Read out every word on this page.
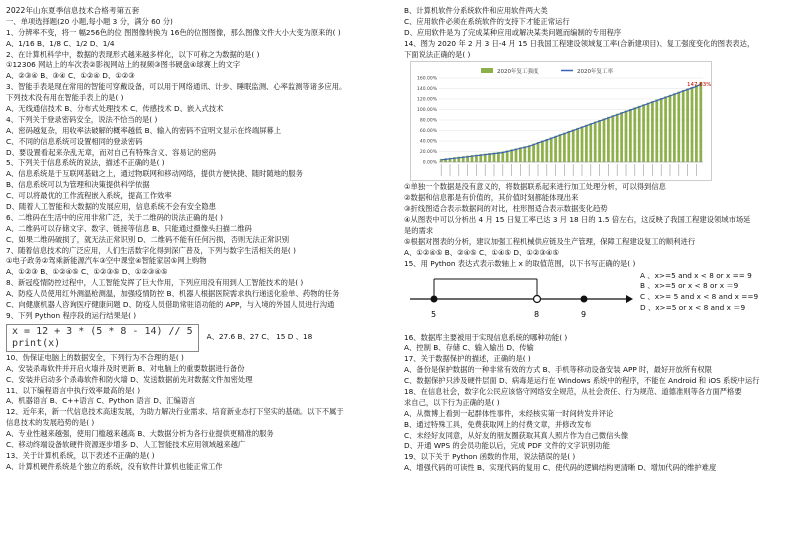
2022年山东夏季信息技术合格考第五套
一、单项选择题(20 小题,每小题 3 分，满分 60 分)
1、分辨率不变，将一 幅256色的位 图图像转换为 16色的位图图像，那么图像文件大小大变为原来的( )
A、1/16 B、1/8 C、1/2 D、1/4
2、在计算机科学中，数据的表现形式越来越多样化，以下可称之为数据的是( )
①12306 网站上的车次表②影视网站上的视频③图书硬盘④球赛上的文字
A、②③④ B、③④ C、①②④ D、①②③
3、智能手表是现在常用的智能可穿戴设备，可以用于网络通讯、计步、睡眠监测、心率监测等诸多应用。
下列技术没有用在智能手表上的是( )
A、无线通信技术 B、分布式处理技术 C、传感技术 D、嵌入式技术
4、下列关于登录密码安全，说法不恰当的是( )
A、密码越复杂，用收率法破解的概率越低 B、输入的密码不宜明文显示在终端屏幕上
C、不同的信息系统可设置相同的登录密码
D、要设置看起来杂乱无章，而对自己有特殊含义、容易记的密码
5、下列关于信息系统的说法，描述不正确的是( )
A、信息系统是于互联网基础之上，通过物联网和移动网络，提供方便快捷、随时随地的服务
B、信息系统可以为管理和决策提供科学依据
C、可以将最优的工作流程嵌入系统，提高工作效率
D、随着人工智能和大数据的发展应用，信息系统不会有安全隐患
6、二维码在生活中的应用非常广泛，关于二维码的说法正确的是( )
A、二维码可以存储文字、数字、链接等信息 B、只能通过摄像头扫描二维码
C、如果二维码破损了，就无法正常识别 D、二维码不能有任何污损，否则无法正常识别
7、随着信息技术的广泛应用，人们生活数字化得到深广普及，下列与数字生活相关的是( )
①电子政务②驾乘新能源汽车③空中课堂④智能家居⑤网上购物
A、①②③ B、①②④⑤ C、①②③⑤ D、①②③④⑤
8、新冠疫情防控过程中，人工智能发挥了巨大作用，下列应用没有用到人工智能技术的是( )
A、防疫人员使用红外测温枪测温，加强疫情防控 B、机器人根据医院需求执行递送化验单、药物的任务
C、向健康机器人咨询医疗健康问题 D、防疫人员借助常驻语功能的 APP，与入境的外国人员进行沟通
9、下列 Python 程序段的运行结果是( )
x = 12 + 3 * (5 * 8 - 14) // 5
print(x)
A、27.6 B、27 C、 15 D 、18
10、伪保证电脑上的数据安全，下列行为不合理的是( )
A、安装杀毒软件并开启火墙并及时更新 B、对电脑上的重要数据进行备份
C、安装并启动多个杀毒软件和防火墙 D、发送数据前先对数据文件加密处理
11、以下编程语言中执行效率最高的是( )
A、机器语言 B、C++语言 C、Python 语言 D、汇编语言
12、近年来，新一代信息技术高速发展，为助力解决行业需求、培育新业态打下坚实的基础。以下不属于
信息技术的发展趋势的是( )
A、专业性越来越强，使用门槛越来越高 B、大数据分析为各行业提供更精准的服务
C、移动终端设备软硬件资源逐步增多 D、人工智能技术应用领域越来越广
13、关于计算机系统，以下表述不正确的是( )
A、计算机硬件系统是个独立的系统，没有软件计算机也能正常工作
B、计算机软件分系统软件和应用软件两大类
C、应用软件必须在系统软件的支持下才能正常运行
D、应用软件是为了完成某种应用或解决某类问题而编制的专用程序
14、图为 2020 年 2 月 3 日-4 月 15 日我国工程建设领域复工率(合新建项目)、复工强度变化的图表表达，
下面说法正确的是( )
0.00%
20.00%
40.00%
60.00%
80.00%
100.00%
120.00%
140.00%
160.00%
2020年复工强度	2020年复工率
147.83%
①单独一个数据是没有意义的，将数据联系起来进行加工处理分析，可以得到信息
②数据和信息都是有价值的，其价值时刻都能体现出来
③折线图适合表示数据间的对比，柱形图适合表示数据变化趋势
④从图表中可以分析出 4 月 15 日复工率已达 3 月 18 日的 1.5 倍左右，这反映了我国工程建设领域市场延
是的需求
⑤根据对图表的分析，建议加强工程机械供应链及生产管理，保障工程建设复工的顺利进行
A、①②④⑤ B、②④⑤ C、①④⑤ D、①②③④⑤
15、用 Python 表达式表示数轴上 x 的取值范围，以下书写正确的是( )
5	8	9
A 、x>=5 and x < 8 or x == 9
B 、x>=5 or x < 8 or x ＝9
C 、x>= 5 and x < 8 and x ==9
D 、x>=5 or x < 8 and x ＝9
16、数据库主要被用于实现信息系统的哪种功能( )
A、控制 B、存储 C、输入输出 D、传输
17、关于数据保护的描述，正确的是( )
A、备份是保护数据的一种非常有效的方式 B、手机等移动设备安装 APP 时，最好开放所有权限
C、数据保护只涉及硬件层面 D、病毒是运行在 Windows 系统中的程序，不能在 Android 和 iOS 系统中运行
18、在信息社会，数字化公民应该恪守网络安全规范，从社会责任、行为规范、道德准则等各方面严格要
求自己，以下行为正确的是( )
A、从微博上看到一起群体性事件，未经核实第一时间转发并评论
B、通过特殊工具，免费获取网上的付费文章，并修改发布
C、未经好友同意，从好友的朋友圈获取其真人照片作为自己微信头像
D、开通 WPS 的会员功能以后，完成 PDF 文件的文字识别功能
19、以下关于 Python 函数的作用，说法错误的是( )
A、增强代码的可读性 B、实现代码的复用 C、使代码的逻辑结构更清晰 D、增加代码的维护难度
